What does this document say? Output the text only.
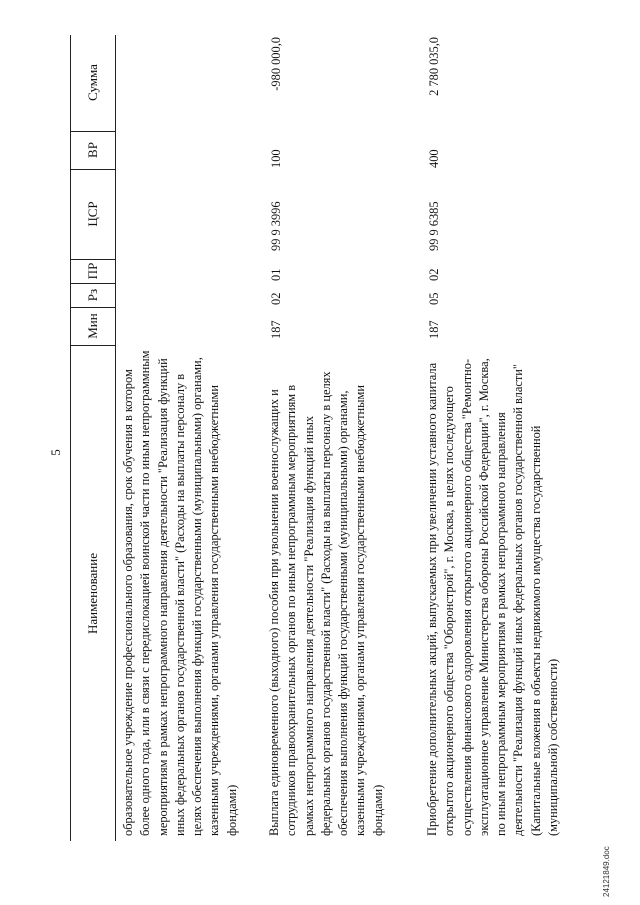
5
Наименование
Мин
Рз
ПР
ЦСР
ВР
Сумма
образовательное учреждение профессионального образования, срок обучения в котором более одного года, или в связи с передислокацией воинской части по иным непрограммным мероприятиям в рамках непрограммного направления деятельности "Реализация функций иных федеральных органов государственной власти" (Расходы на выплаты персоналу в целях обеспечения выполнения функций государственными (муниципальными) органами, казенными учреждениями, органами управления государственными внебюджетными фондами) Выплата единовременного (выходного) пособия при увольнении военнослужащих и сотрудников правоохранительных органов по иным непрограммным мероприятиям в рамках непрограммного направления деятельности "Реализация функций иных федеральных органов государственной власти" (Расходы на выплаты персоналу в целях обеспечения выполнения функций государственными (муниципальными) органами, казенными учреждениями, органами управления государственными внебюджетными фондами)
187
02
01
99 9 3996
100
-980 000,0
Приобретение дополнительных акций, выпускаемых при увеличении уставного капитала открытого акционерного общества "Оборонстрой", г. Москва, в целях последующего осуществления финансового оздоровления открытого акционерного общества "Ремонтно-эксплуатационное управление Министерства обороны Российской Федерации", г. Москва, по иным непрограммным мероприятиям в рамках непрограммного направления деятельности "Реализация функций иных федеральных органов государственной власти" (Капитальные вложения в объекты недвижимого имущества государственной (муниципальной) собственности)
187
05
02
99 9 6385
400
2 780 035,0
24121849.doc
